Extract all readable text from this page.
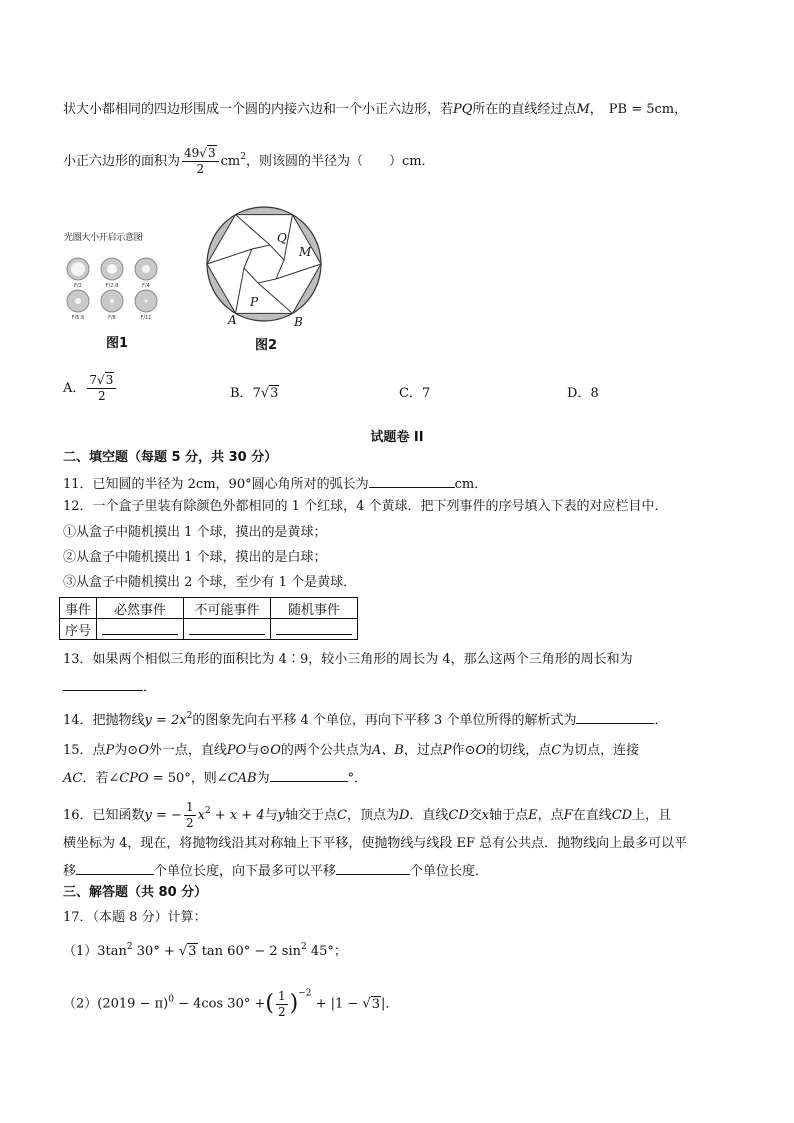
状大小都相同的四边形围成一个圆的内接六边和一个小正六边形，若PQ所在的直线经过点M， PB = 5cm，
小正六边形的面积为 $\frac{49√3}{2} cm^2$，则该圆的半径为（　　）cm．
光圈大小开启示意图
F/2	F/2.8	F/4
F/5.6	F/8	F/11
图1
A	B
P
Q
M
图2
A． $\frac{7√3}{2}$	B．7√3	C．7	D．8
试题卷 II
二、填空题（每题 5 分，共 30 分）
11．已知圆的半径为 2cm，90°圆心角所对的弧长为	cm．
12．一个盒子里装有除颜色外都相同的 1 个红球，4 个黄球．把下列事件的序号填入下表的对应栏目中．
①从盒子中随机摸出 1 个球，摸出的是黄球；
②从盒子中随机摸出 1 个球，摸出的是白球；
③从盒子中随机摸出 2 个球，至少有 1 个是黄球．
事件	必然事件	不可能事件	随机事件
序号			
13．如果两个相似三角形的面积比为 4∶9，较小三角形的周长为 4，那么这两个三角形的周长和为
．
14．把抛物线$y = 2x^2$的图象先向右平移 4 个单位，再向下平移 3 个单位所得的解析式为	．
15．点P为⊙O外一点，直线PO与⊙O的两个公共点为A、B，过点P作⊙O的切线，点C为切点，连接
AC．若∠CPO = 50°，则∠CAB为	°．
16．已知函数y = − $\frac{1}{2} x^2 + x + 4$与y轴交于点C，顶点为D．直线CD交x轴于点E，点F在直线CD上，且
横坐标为 4，现在，将抛物线沿其对称轴上下平移，使抛物线与线段 EF 总有公共点．抛物线向上最多可以平
移	个单位长度，向下最多可以平移	个单位长度．
三、解答题（共 80 分）
17．（本题 8 分）计算：
$(1)3\tan^2$ 30° + √3 tan 60° − 2 $\sin^2 45^\circ$；
$(2)(2019 - \pi)^0 - 4\cos$ 30° +( $\frac{1}{2} )^{-2} + |1 - √3|$．
